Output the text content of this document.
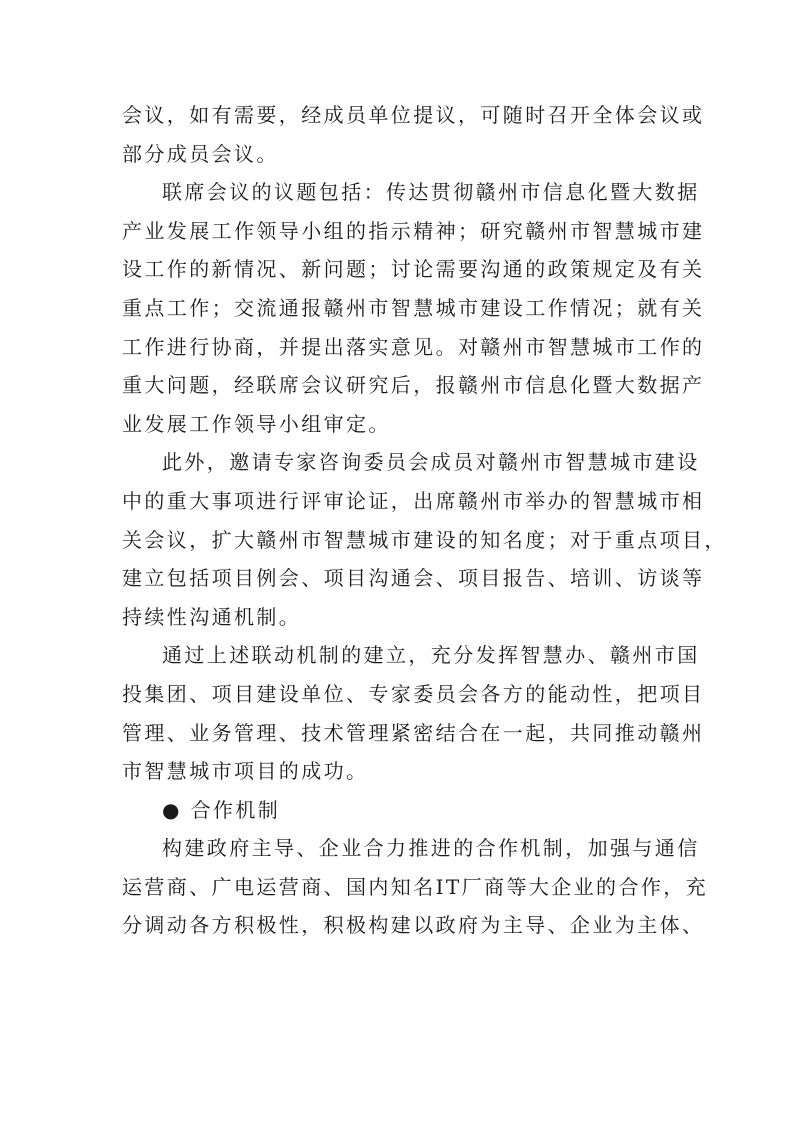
会议，如有需要，经成员单位提议，可随时召开全体会议或
部分成员会议。
联席会议的议题包括：传达贯彻赣州市信息化暨大数据
产业发展工作领导小组的指示精神；研究赣州市智慧城市建
设工作的新情况、新问题；讨论需要沟通的政策规定及有关
重点工作；交流通报赣州市智慧城市建设工作情况；就有关
工作进行协商，并提出落实意见。对赣州市智慧城市工作的
重大问题，经联席会议研究后，报赣州市信息化暨大数据产
业发展工作领导小组审定。
此外，邀请专家咨询委员会成员对赣州市智慧城市建设
中的重大事项进行评审论证，出席赣州市举办的智慧城市相
关会议，扩大赣州市智慧城市建设的知名度；对于重点项目，
建立包括项目例会、项目沟通会、项目报告、培训、访谈等
持续性沟通机制。
通过上述联动机制的建立，充分发挥智慧办、赣州市国
投集团、项目建设单位、专家委员会各方的能动性，把项目
管理、业务管理、技术管理紧密结合在一起，共同推动赣州
市智慧城市项目的成功。
● 合作机制
构建政府主导、企业合力推进的合作机制，加强与通信
运营商、广电运营商、国内知名IT厂商等大企业的合作，充
分调动各方积极性，积极构建以政府为主导、企业为主体、
